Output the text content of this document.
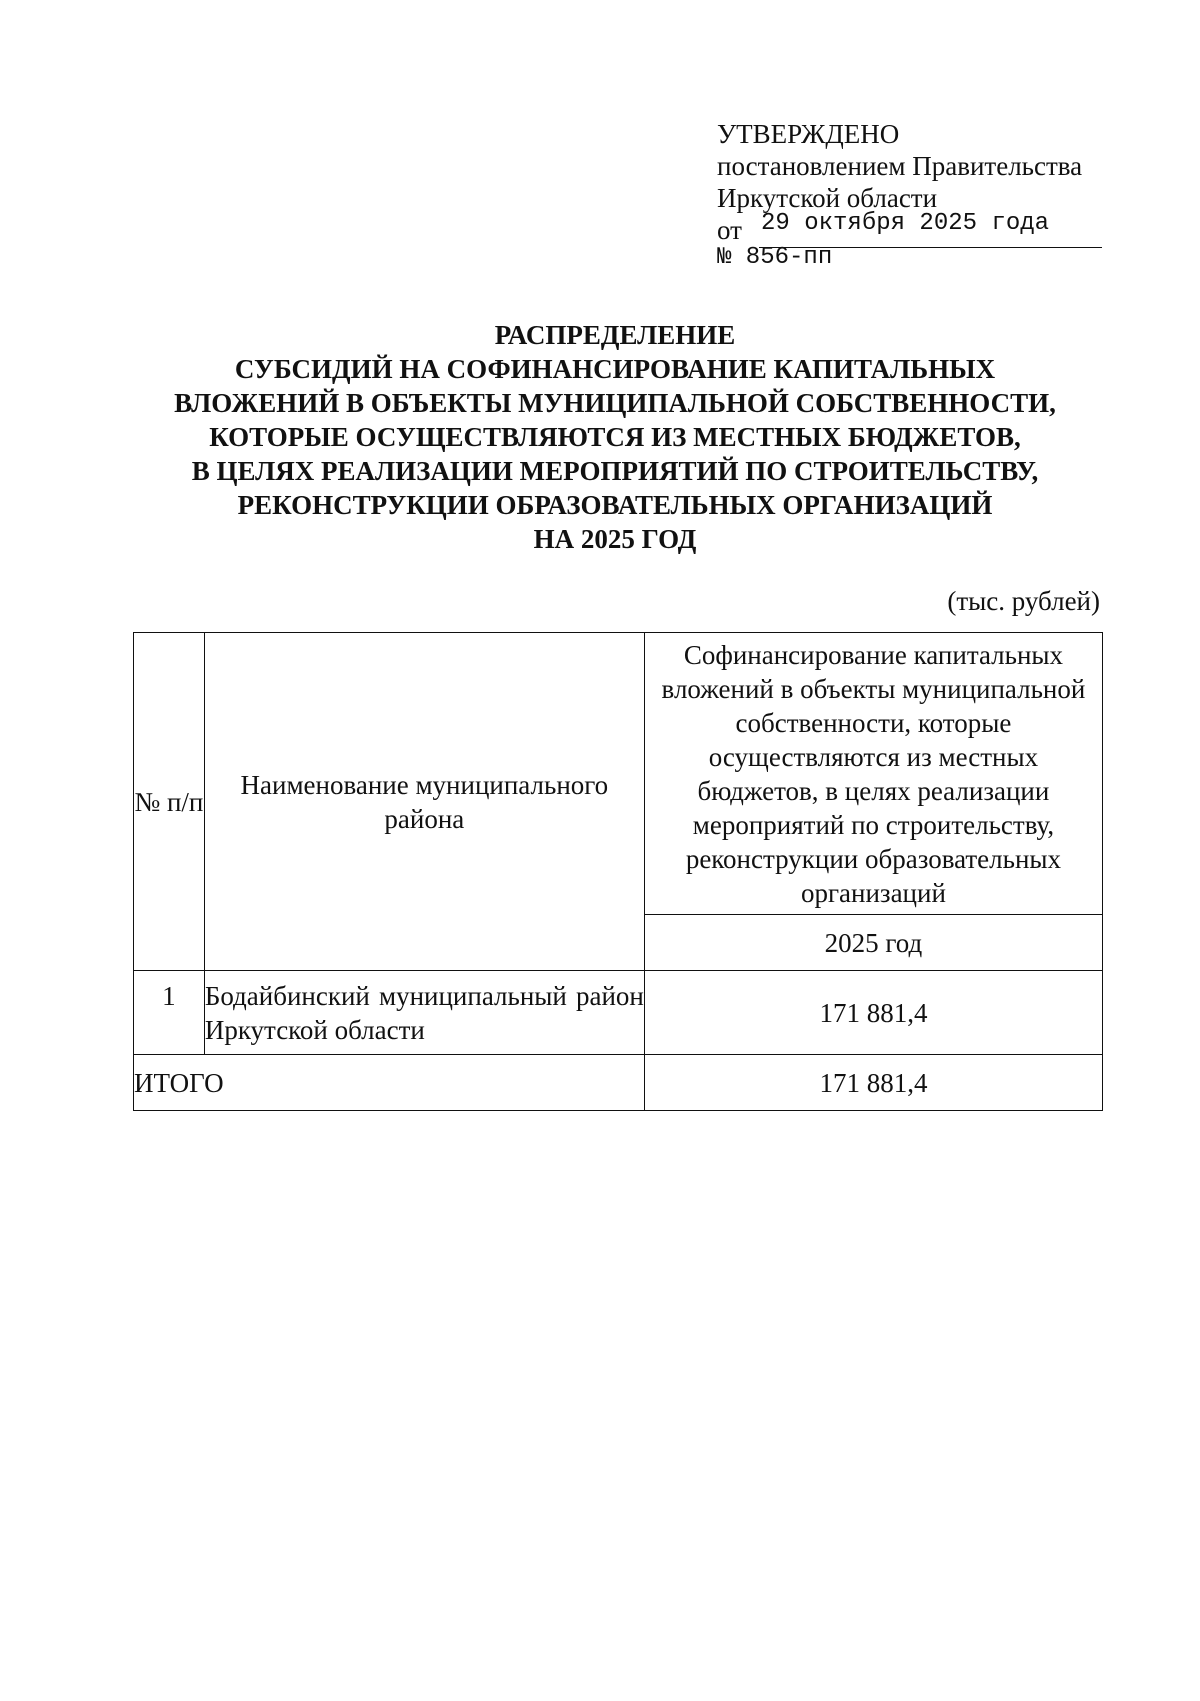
УТВЕРЖДЕНО
постановлением Правительства
Иркутской области
от 29 октября 2025 года
№ 856-пп
РАСПРЕДЕЛЕНИЕ
СУБСИДИЙ НА СОФИНАНСИРОВАНИЕ КАПИТАЛЬНЫХ
ВЛОЖЕНИЙ В ОБЪЕКТЫ МУНИЦИПАЛЬНОЙ СОБСТВЕННОСТИ,
КОТОРЫЕ ОСУЩЕСТВЛЯЮТСЯ ИЗ МЕСТНЫХ БЮДЖЕТОВ,
В ЦЕЛЯХ РЕАЛИЗАЦИИ МЕРОПРИЯТИЙ ПО СТРОИТЕЛЬСТВУ,
РЕКОНСТРУКЦИИ ОБРАЗОВАТЕЛЬНЫХ ОРГАНИЗАЦИЙ
НА 2025 ГОД
(тыс. рублей)
№ п/п	Наименование муниципального района	Софинансирование капитальных вложений в объекты муниципальной собственности, которые осуществляются из местных бюджетов, в целях реализации мероприятий по строительству, реконструкции образовательных организаций
		2025 год
1	Бодайбинский муниципальный район Иркутской области	171 881,4
ИТОГО		171 881,4
